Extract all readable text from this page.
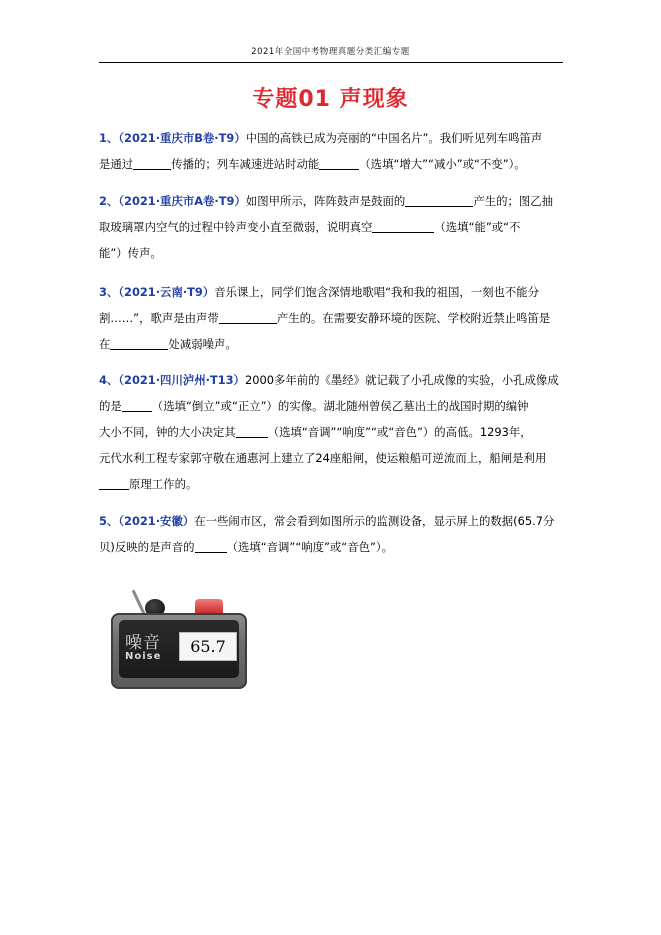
2021年全国中考物理真题分类汇编专题
专题01 声现象
1、（2021·重庆市B卷·T9）中国的高铁已成为亮丽的“中国名片”。我们听见列车鸣笛声
是通过	传播的；列车减速进站时动能	（选填“增大”“减小”或“不变”）。
2、（2021·重庆市A卷·T9）如图甲所示，阵阵鼓声是鼓面的	产生的；图乙抽
取玻璃罩内空气的过程中铃声变小直至微弱，说明真空	（选填“能”或“不
能”）传声。
3、（2021·云南·T9）音乐课上，同学们饱含深情地歌唱“我和我的祖国，一刻也不能分
割……”，歌声是由声带	产生的。在需要安静环境的医院、学校附近禁止鸣笛是
在	处减弱噪声。
4、（2021·四川泸州·T13）2000多年前的《墨经》就记载了小孔成像的实验，小孔成像成
的是	（选填“倒立”或“正立”）的实像。湖北随州曾侯乙墓出土的战国时期的编钟
大小不同，钟的大小决定其	（选填“音调”“响度”“或“音色”）的高低。1293年，
元代水利工程专家郭守敬在通惠河上建立了24座船闸，使运粮船可逆流而上，船闸是利用
原理工作的。
5、（2021·安徽）在一些闹市区，常会看到如图所示的监测设备，显示屏上的数据(65.7分
贝)反映的是声音的	（选填“音调”“响度”或“音色”）。
噪音
Noise
65.7
